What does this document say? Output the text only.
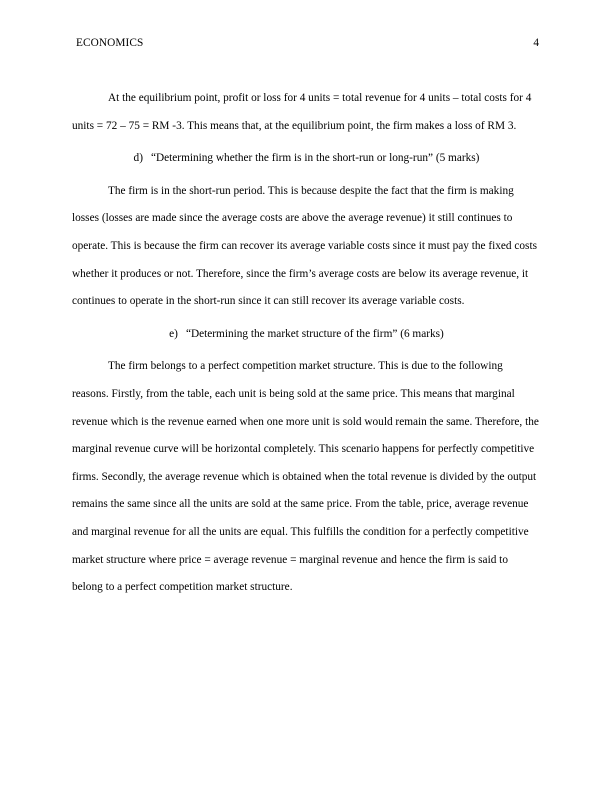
ECONOMICS	4

At the equilibrium point, profit or loss for 4 units = total revenue for 4 units – total costs for 4 units = 72 – 75 = RM -3. This means that, at the equilibrium point, the firm makes a loss of RM 3.

d) “Determining whether the firm is in the short-run or long-run” (5 marks)

The firm is in the short-run period. This is because despite the fact that the firm is making losses (losses are made since the average costs are above the average revenue) it still continues to operate. This is because the firm can recover its average variable costs since it must pay the fixed costs whether it produces or not. Therefore, since the firm’s average costs are below its average revenue, it continues to operate in the short-run since it can still recover its average variable costs.

e) “Determining the market structure of the firm” (6 marks)

The firm belongs to a perfect competition market structure. This is due to the following reasons. Firstly, from the table, each unit is being sold at the same price. This means that marginal revenue which is the revenue earned when one more unit is sold would remain the same. Therefore, the marginal revenue curve will be horizontal completely. This scenario happens for perfectly competitive firms. Secondly, the average revenue which is obtained when the total revenue is divided by the output remains the same since all the units are sold at the same price. From the table, price, average revenue and marginal revenue for all the units are equal. This fulfills the condition for a perfectly competitive market structure where price = average revenue = marginal revenue and hence the firm is said to belong to a perfect competition market structure.
